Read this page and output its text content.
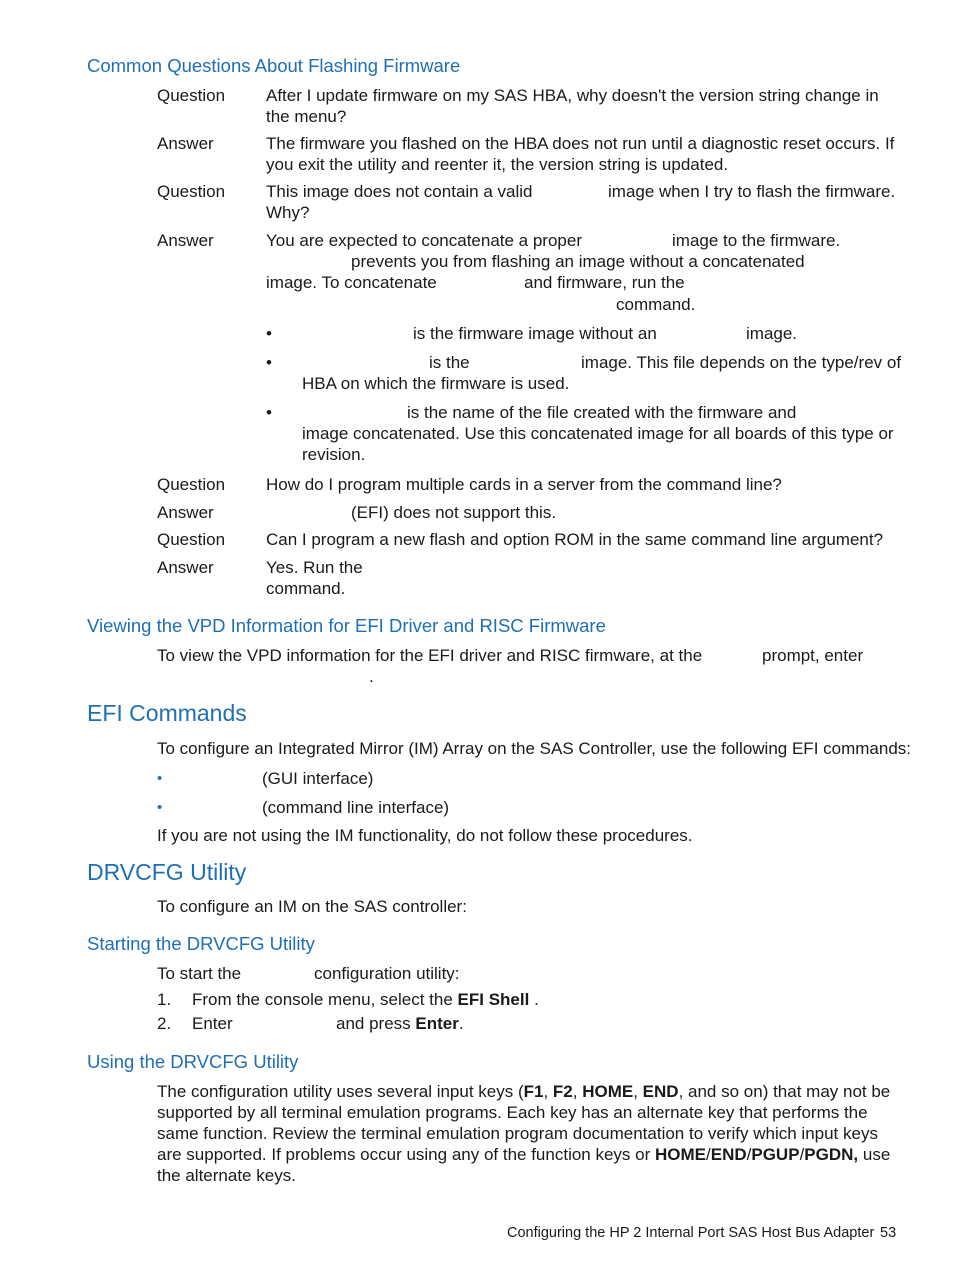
Common Questions About Flashing Firmware
Question After I update firmware on my SAS HBA, why doesn't the version string change in the menu?
Answer	The firmware you flashed on the HBA does not run until a diagnostic reset occurs. If you exit the utility and reenter it, the version string is updated.
Question This image does not contain a valid	image when I try to flash the firmware.
Why?
Answer	You are expected to concatenate a proper	image to the firmware.
prevents you from flashing an image without a concatenated
image. To concatenate	and firmware, run the
command.
•	is the firmware image without an	image.
•	is the	image. This file depends on the type/rev of
HBA on which the firmware is used.
•	is the name of the file created with the firmware and
image concatenated. Use this concatenated image for all boards of this type or revision.
Question How do I program multiple cards in a server from the command line?
Answer	(EFI) does not support this.
Question Can I program a new flash and option ROM in the same command line argument?
Answer	Yes. Run the
command.
Viewing the VPD Information for EFI Driver and RISC Firmware
To view the VPD information for the EFI driver and RISC firmware, at the	prompt, enter
.
EFI Commands
To configure an Integrated Mirror (IM) Array on the SAS Controller, use the following EFI commands:
•	(GUI interface)
•	(command line interface)
If you are not using the IM functionality, do not follow these procedures.
DRVCFG Utility
To configure an IM on the SAS controller:
Starting the DRVCFG Utility
To start the	configuration utility:
1. From the console menu, select the EFI Shell .
2. Enter	and press Enter.
Using the DRVCFG Utility
The configuration utility uses several input keys (F1, F2, HOME, END, and so on) that may not be supported by all terminal emulation programs. Each key has an alternate key that performs the same function. Review the terminal emulation program documentation to verify which input keys are supported. If problems occur using any of the function keys or HOME/END/PGUP/PGDN, use the alternate keys.
Configuring the HP 2 Internal Port SAS Host Bus Adapter 53
